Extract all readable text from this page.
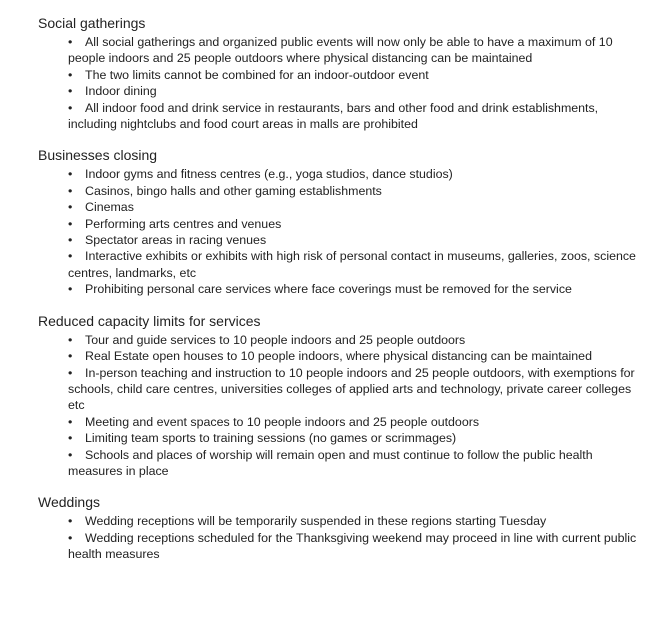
Social gatherings
• All social gatherings and organized public events will now only be able to have a maximum of 10 people indoors and 25 people outdoors where physical distancing can be maintained
• The two limits cannot be combined for an indoor-outdoor event
• Indoor dining
• All indoor food and drink service in restaurants, bars and other food and drink establishments, including nightclubs and food court areas in malls are prohibited
Businesses closing
• Indoor gyms and fitness centres (e.g., yoga studios, dance studios)
• Casinos, bingo halls and other gaming establishments
• Cinemas
• Performing arts centres and venues
• Spectator areas in racing venues
• Interactive exhibits or exhibits with high risk of personal contact in museums, galleries, zoos, science centres, landmarks, etc
• Prohibiting personal care services where face coverings must be removed for the service
Reduced capacity limits for services
• Tour and guide services to 10 people indoors and 25 people outdoors
• Real Estate open houses to 10 people indoors, where physical distancing can be maintained
• In-person teaching and instruction to 10 people indoors and 25 people outdoors, with exemptions for schools, child care centres, universities colleges of applied arts and technology, private career colleges etc
• Meeting and event spaces to 10 people indoors and 25 people outdoors
• Limiting team sports to training sessions (no games or scrimmages)
• Schools and places of worship will remain open and must continue to follow the public health measures in place
Weddings
• Wedding receptions will be temporarily suspended in these regions starting Tuesday
• Wedding receptions scheduled for the Thanksgiving weekend may proceed in line with current public health measures
